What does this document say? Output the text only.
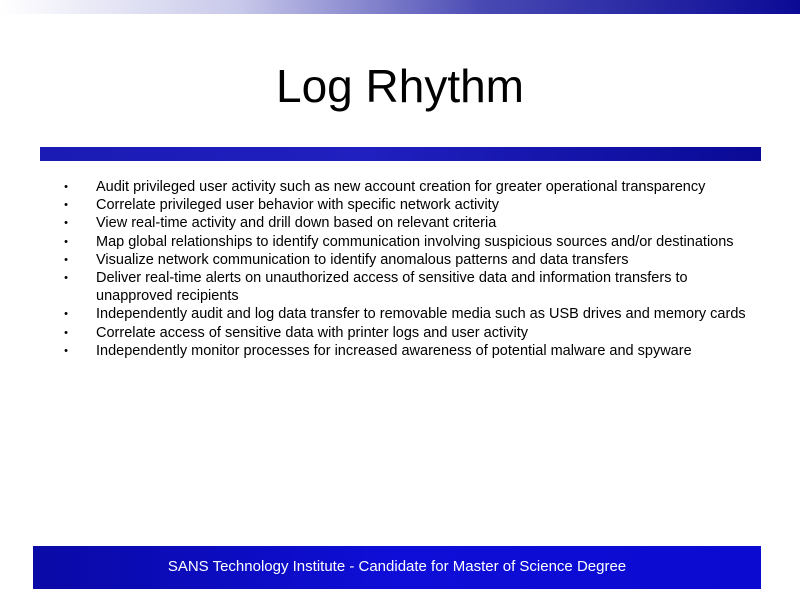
Log Rhythm
•	Audit privileged user activity such as new account creation for greater operational transparency
•	Correlate privileged user behavior with specific network activity
•	View real-time activity and drill down based on relevant criteria
•	Map global relationships to identify communication involving suspicious sources and/or destinations
•	Visualize network communication to identify anomalous patterns and data transfers
•	Deliver real-time alerts on unauthorized access of sensitive data and information transfers to unapproved recipients
•	Independently audit and log data transfer to removable media such as USB drives and memory cards
•	Correlate access of sensitive data with printer logs and user activity
•	Independently monitor processes for increased awareness of potential malware and spyware
SANS Technology Institute - Candidate for Master of Science Degree
